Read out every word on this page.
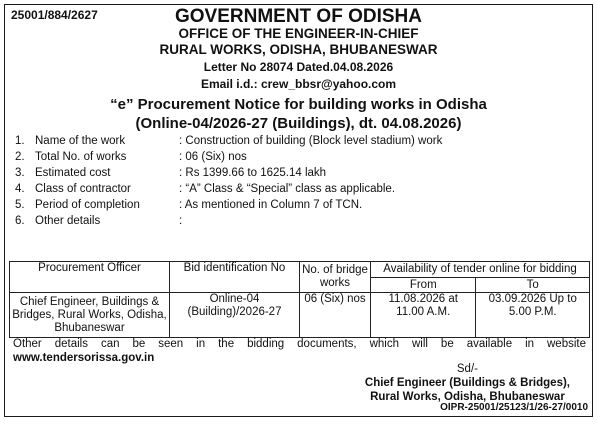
25001/884/2627	GOVERNMENT OF ODISHA
OFFICE OF THE ENGINEER-IN-CHIEF
RURAL WORKS, ODISHA, BHUBANESWAR
Letter No 28074 Dated.04.08.2026
Email i.d.: crew_bbsr@yahoo.com
“e” Procurement Notice for building works in Odisha
(Online-04/2026-27 (Buildings), dt. 04.08.2026)
1. Name of the work	: Construction of building (Block level stadium) work
2. Total No. of works	: 06 (Six) nos
3. Estimated cost	: Rs 1399.66 to 1625.14 lakh
4. Class of contractor	: “A” Class & “Special” class as applicable.
5. Period of completion	: As mentioned in Column 7 of TCN.
6. Other details	:
Procurement Officer	Bid identification No	No. of bridge works	Availability of tender online for bidding	
			From	To
Chief Engineer, Buildings & Bridges, Rural Works, Odisha, Bhubaneswar	Online-04 (Building)/2026-27	06 (Six) nos	11.08.2026 at 11.00 A.M.	03.09.2026 Up to 5.00 P.M.
Other details can be seen in the bidding documents, which will be available in website
www.tendersorissa.gov.in
Sd/-
Chief Engineer (Buildings & Bridges),
Rural Works, Odisha, Bhubaneswar
OIPR-25001/25123/1/26-27/0010
